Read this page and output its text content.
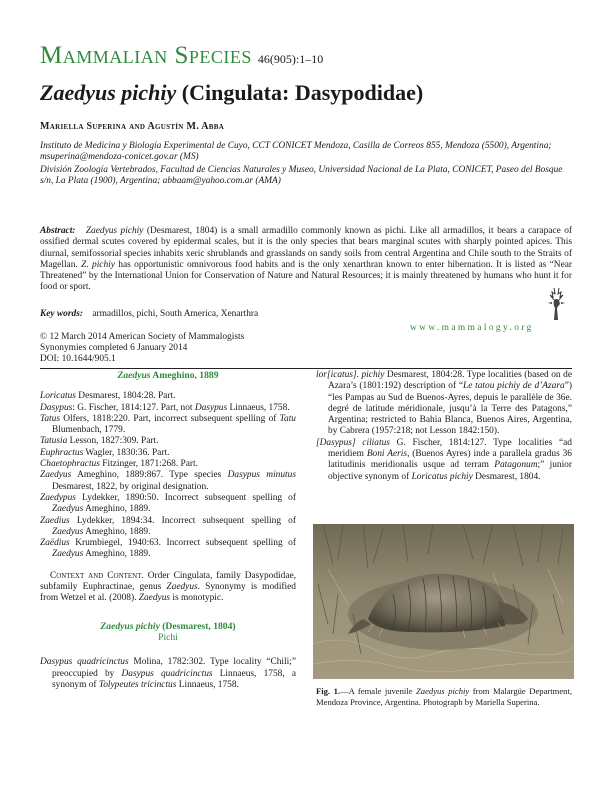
Mammalian Species 46(905):1–10
Zaedyus pichiy (Cingulata: Dasypodidae)
Mariella Superina and Agustín M. Abba
Instituto de Medicina y Biología Experimental de Cuyo, CCT CONICET Mendoza, Casilla de Correos 855, Mendoza (5500), Argentina; msuperina@mendoza-conicet.gov.ar (MS)
División Zoología Vertebrados, Facultad de Ciencias Naturales y Museo, Universidad Nacional de La Plata, CONICET, Paseo del Bosque s/n, La Plata (1900), Argentina; abbaam@yahoo.com.ar (AMA)
Abstract: Zaedyus pichiy (Desmarest, 1804) is a small armadillo commonly known as pichi. Like all armadillos, it bears a carapace of ossified dermal scutes covered by epidermal scales, but it is the only species that bears marginal scutes with sharply pointed apices. This diurnal, semifossorial species inhabits xeric shrublands and grasslands on sandy soils from central Argentina and Chile south to the Straits of Magellan. Z. pichiy has opportunistic omnivorous food habits and is the only xenarthran known to enter hibernation. It is listed as “Near Threatened” by the International Union for Conservation of Nature and Natural Resources; it is mainly threatened by humans who hunt it for food or sport.
Key words: armadillos, pichi, South America, Xenarthra
© 12 March 2014 American Society of Mammalogists
Synonymies completed 6 January 2014
DOI: 10.1644/905.1
www.mammalogy.org
Zaedyus Ameghino, 1889
Loricatus Desmarest, 1804:28. Part.
Dasypus: G. Fischer, 1814:127. Part, not Dasypus Linnaeus, 1758.
Tatus Olfers, 1818:220. Part, incorrect subsequent spelling of Tatu Blumenbach, 1779.
Tatusia Lesson, 1827:309. Part.
Euphractus Wagler, 1830:36. Part.
Chaetophractus Fitzinger, 1871:268. Part.
Zaedyus Ameghino, 1889:867. Type species Dasypus minutus Desmarest, 1822, by original designation.
Zaedypus Lydekker, 1890:50. Incorrect subsequent spelling of Zaedyus Ameghino, 1889.
Zaedius Lydekker, 1894:34. Incorrect subsequent spelling of Zaedyus Ameghino, 1889.
Zaëdius Krumbiegel, 1940:63. Incorrect subsequent spelling of Zaedyus Ameghino, 1889.
Context and Content. Order Cingulata, family Dasypodidae, subfamily Euphractinae, genus Zaedyus. Synonymy is modified from Wetzel et al. (2008). Zaedyus is monotypic.
Zaedyus pichiy (Desmarest, 1804)
Pichi
Dasypus quadricinctus Molina, 1782:302. Type locality “Chili;” preoccupied by Dasypus quadricinctus Linnaeus, 1758, a synonym of Tolypeutes tricinctus Linnaeus, 1758.
lor[icatus]. pichiy Desmarest, 1804:28. Type localities (based on de Azara’s (1801:192) description of “Le tatou pichiy de d’Azara”) “les Pampas au Sud de Buenos-Ayres, depuis le parallèle de 36e. degré de latitude méridionale, jusqu’à la Terre des Patagons,” Argentina; restricted to Bahia Blanca, Buenos Aires, Argentina, by Cabrera (1957:218; not Lesson 1842:150).
[Dasypus] ciliatus G. Fischer, 1814:127. Type localities “ad meridiem Boni Aeris, (Buenos Ayres) inde a parallela gradus 36 latitudinis meridionalis usque ad terram Patagonum;” junior objective synonym of Loricatus pichiy Desmarest, 1804.
Fig. 1.—A female juvenile Zaedyus pichiy from Malargüe Department, Mendoza Province, Argentina. Photograph by Mariella Superina.
